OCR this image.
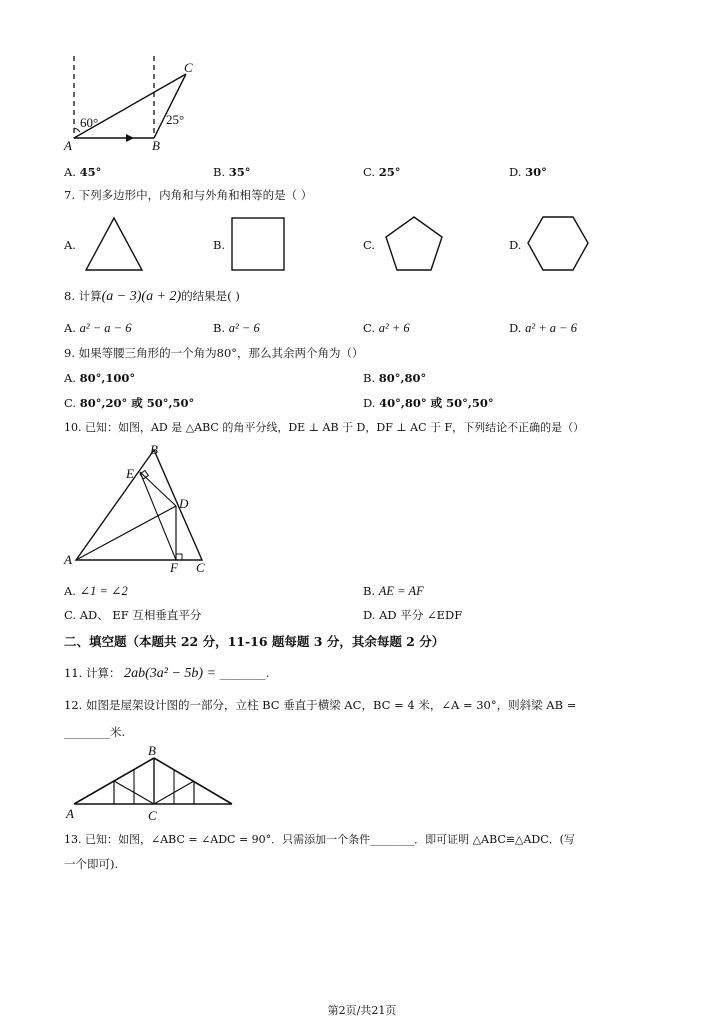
60°	25°
A	B
C
A. 45°	B. 35°	C. 25°	D. 30°
7. 下列多边形中，内角和与外角和相等的是（ ）
A.	B.	C.	D.
8. 计算(a − 3)(a + 2)的结果是( )
A. a² − a − 6	B. a² − 6	C. a² + 6	D. a² + a − 6
9. 如果等腰三角形的一个角为80°，那么其余两个角为（）
A. 80°,100°	B. 80°,80°
C. 80°,20° 或 50°,50°	D. 40°,80° 或 50°,50°
10. 已知：如图，AD 是 △ABC 的角平分线，DE ⊥ AB 于 D，DF ⊥ AC 于 F，下列结论不正确的是（）
A
B
C
D
E
F
A. ∠1 = ∠2	B. AE = AF
C. AD、 EF 互相垂直平分	D. AD 平分 ∠EDF
二、填空题（本题共 22 分，11-16 题每题 3 分，其余每题 2 分）
11. 计算： 2ab(3a² − 5b) = ________.
12. 如图是屋架设计图的一部分，立柱 BC 垂直于横梁 AC，BC = 4 米，∠A = 30°，则斜梁 AB =
________米.
A
B
C
13. 已知：如图，∠ABC = ∠ADC = 90°．只需添加一个条件________．即可证明 △ABC≌△ADC．(写
一个即可).
第2页/共21页
